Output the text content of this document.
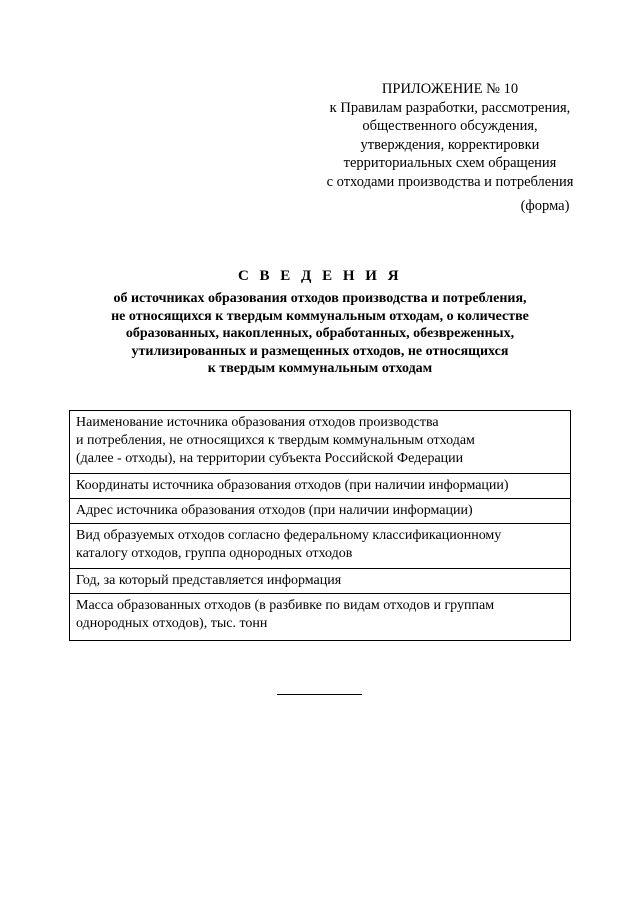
ПРИЛОЖЕНИЕ № 10
к Правилам разработки, рассмотрения,
общественного обсуждения,
утверждения, корректировки
территориальных схем обращения
с отходами производства и потребления
(форма)
С В Е Д Е Н И Я
об источниках образования отходов производства и потребления,
не относящихся к твердым коммунальным отходам, о количестве
образованных, накопленных, обработанных, обезвреженных,
утилизированных и размещенных отходов, не относящихся
к твердым коммунальным отходам
Наименование источника образования отходов производства
и потребления, не относящихся к твердым коммунальным отходам
(далее - отходы), на территории субъекта Российской Федерации
Координаты источника образования отходов (при наличии информации)
Адрес источника образования отходов (при наличии информации)
Вид образуемых отходов согласно федеральному классификационному
каталогу отходов, группа однородных отходов
Год, за который представляется информация
Масса образованных отходов (в разбивке по видам отходов и группам
однородных отходов), тыс. тонн
